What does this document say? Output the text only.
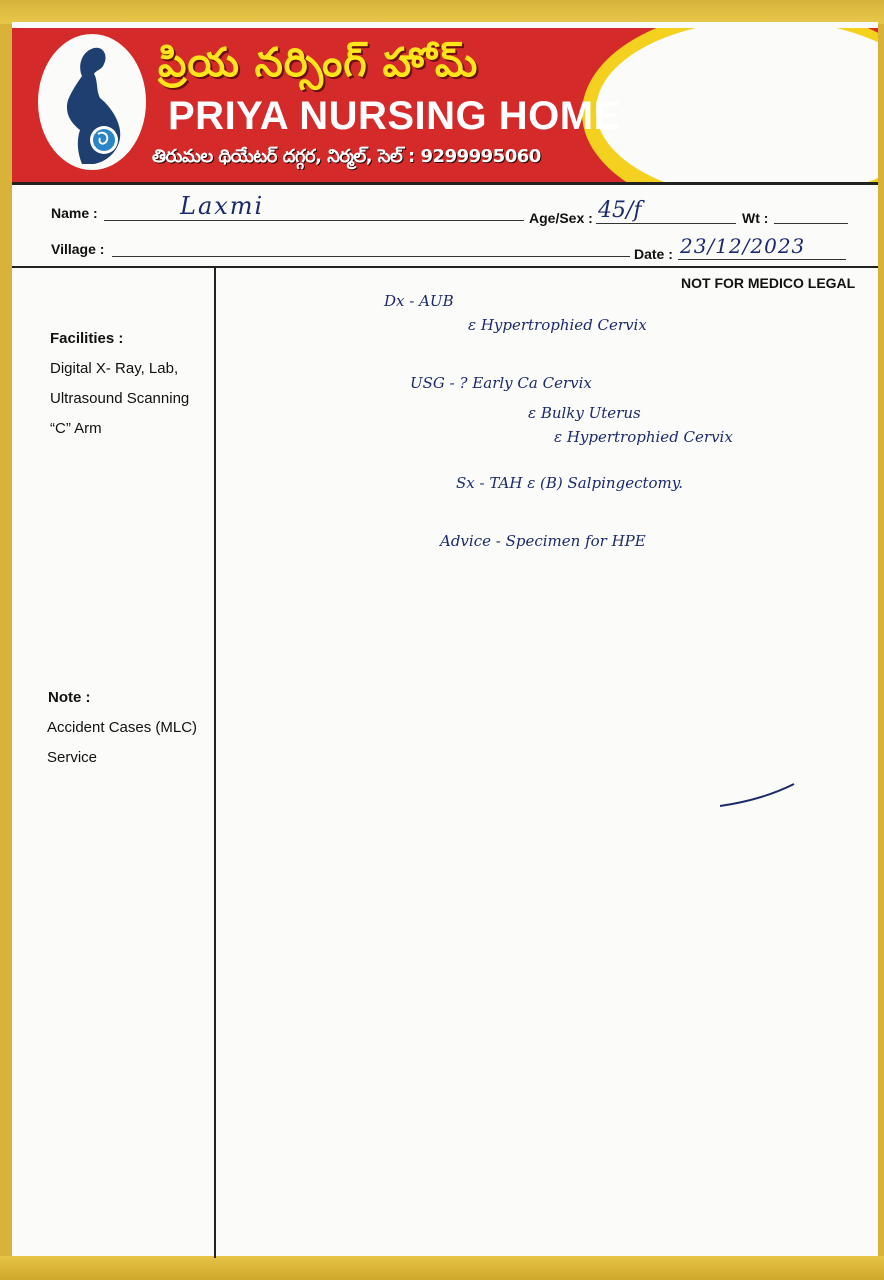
ప్రియ నర్సింగ్ హోమ్
PRIYA NURSING HOME
తిరుమల థియేటర్ దగ్గర, నిర్మల్, సెల్ : 9299995060
Name :	Laxmi	Age/Sex : 45/f	Wt :
Village :	Date : 23/12/2023
NOT FOR MEDICO LEGAL
Facilities :
Digital X- Ray, Lab,
Ultrasound Scanning
“C” Arm
Note :
Accident Cases (MLC)
Service
Dx - AUB
ε Hypertrophied Cervix
USG - ? Early Ca Cervix
ε Bulky Uterus
ε Hypertrophied Cervix
Sx - TAH ε (B) Salpingectomy.
Advice - Specimen for HPE
